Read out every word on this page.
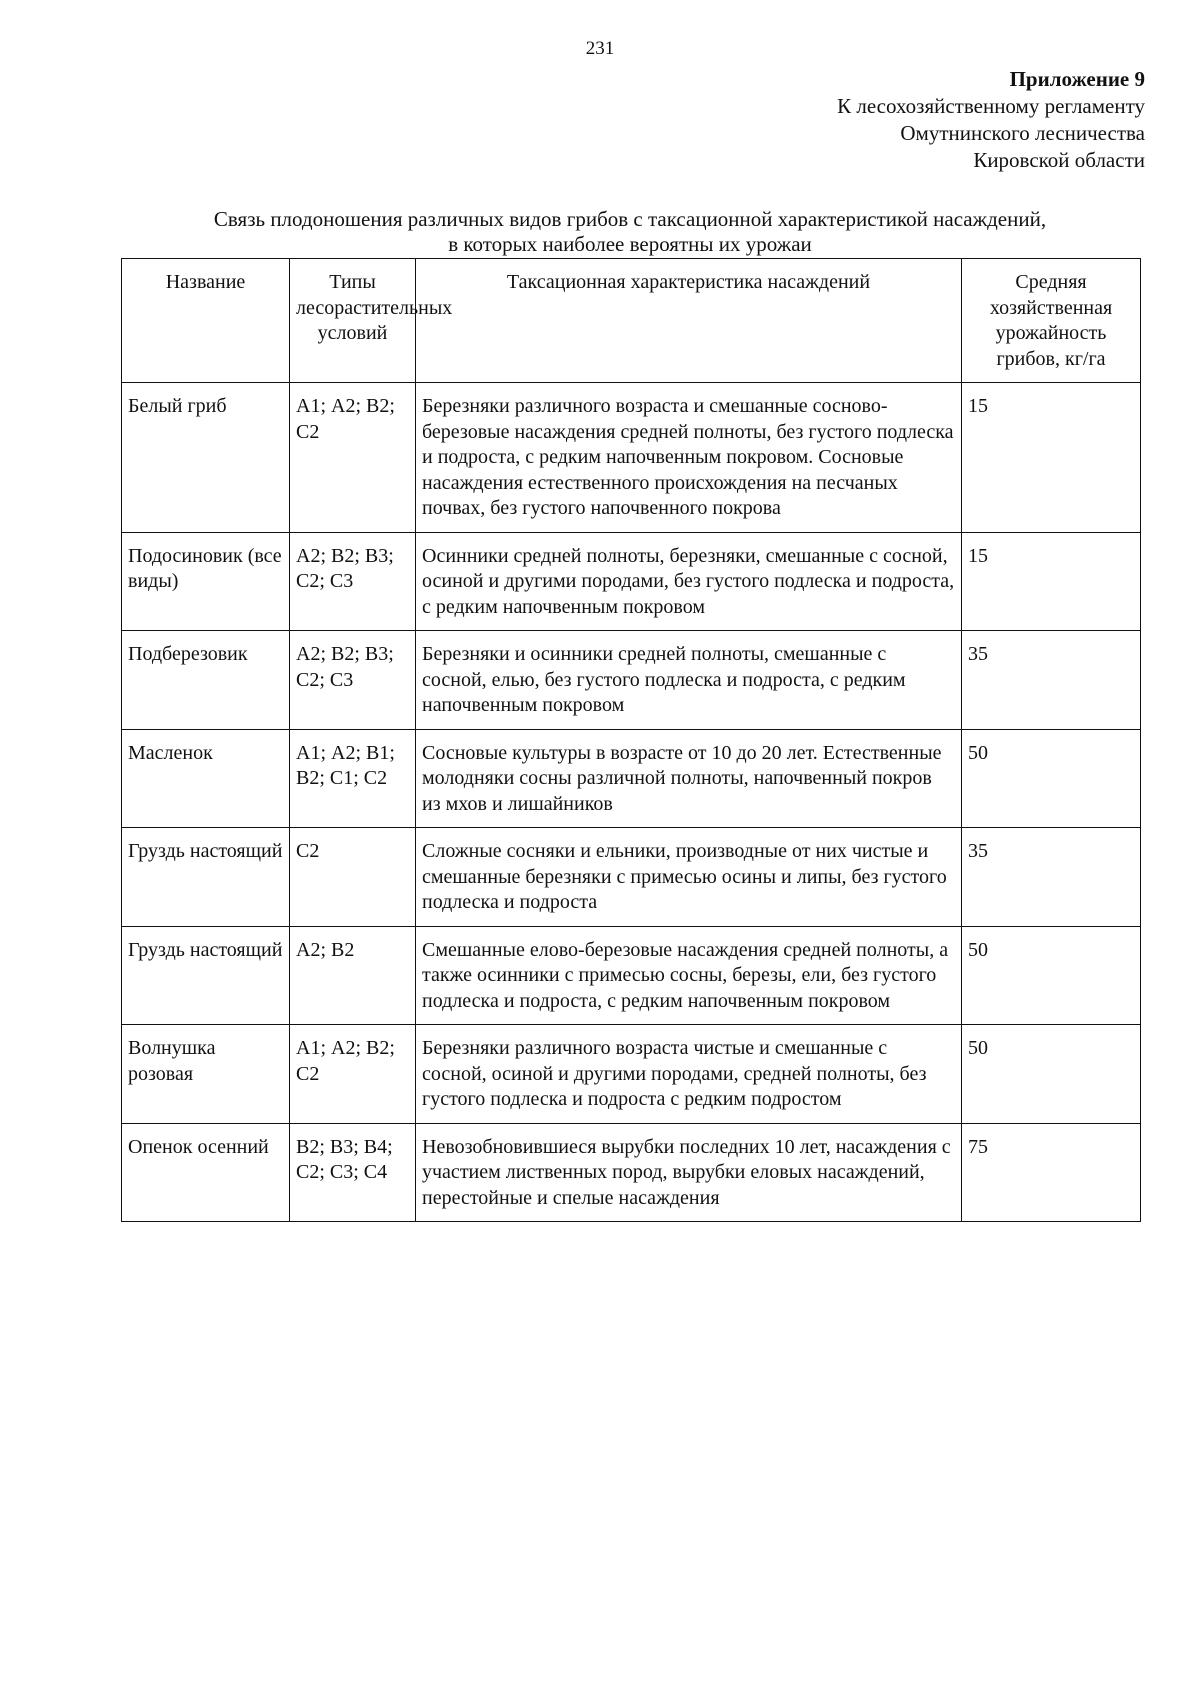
231
Приложение 9
К лесохозяйственному регламенту
Омутнинского лесничества
Кировской области
Связь плодоношения различных видов грибов с таксационной характеристикой насаждений,
в которых наиболее вероятны их урожаи
Название	Типы лесорастительных условий	Таксационная характеристика насаждений	Средняя хозяйственная урожайность грибов, кг/га
Белый гриб	А1; А2; В2; С2	Березняки различного возраста и смешанные сосново-березовые насаждения средней полноты, без густого подлеска и подроста, с редким напочвенным покровом. Сосновые насаждения естественного происхождения на песчаных почвах, без густого напочвенного покрова	15
Подосиновик (все виды)	А2; В2; В3; С2; С3	Осинники средней полноты, березняки, смешанные с сосной, осиной и другими породами, без густого подлеска и подроста, с редким напочвенным покровом	15
Подберезовик	А2; В2; В3; С2; С3	Березняки и осинники средней полноты, смешанные с сосной, елью, без густого подлеска и подроста, с редким напочвенным покровом	35
Масленок	А1; А2; В1; В2; С1; С2	Сосновые культуры в возрасте от 10 до 20 лет. Естественные молодняки сосны различной полноты, напочвенный покров из мхов и лишайников	50
Груздь настоящий	С2	Сложные сосняки и ельники, производные от них чистые и смешанные березняки с примесью осины и липы, без густого подлеска и подроста	35
Груздь настоящий	А2; В2	Смешанные елово-березовые насаждения средней полноты, а также осинники с примесью сосны, березы, ели, без густого подлеска и подроста, с редким напочвенным покровом	50
Волнушка розовая	А1; А2; В2; С2	Березняки различного возраста чистые и смешанные с сосной, осиной и другими породами, средней полноты, без густого подлеска и подроста с редким подростом	50
Опенок осенний	В2; В3; В4; С2; С3; С4	Невозобновившиеся вырубки последних 10 лет, насаждения с участием лиственных пород, вырубки еловых насаждений, перестойные и спелые насаждения	75
